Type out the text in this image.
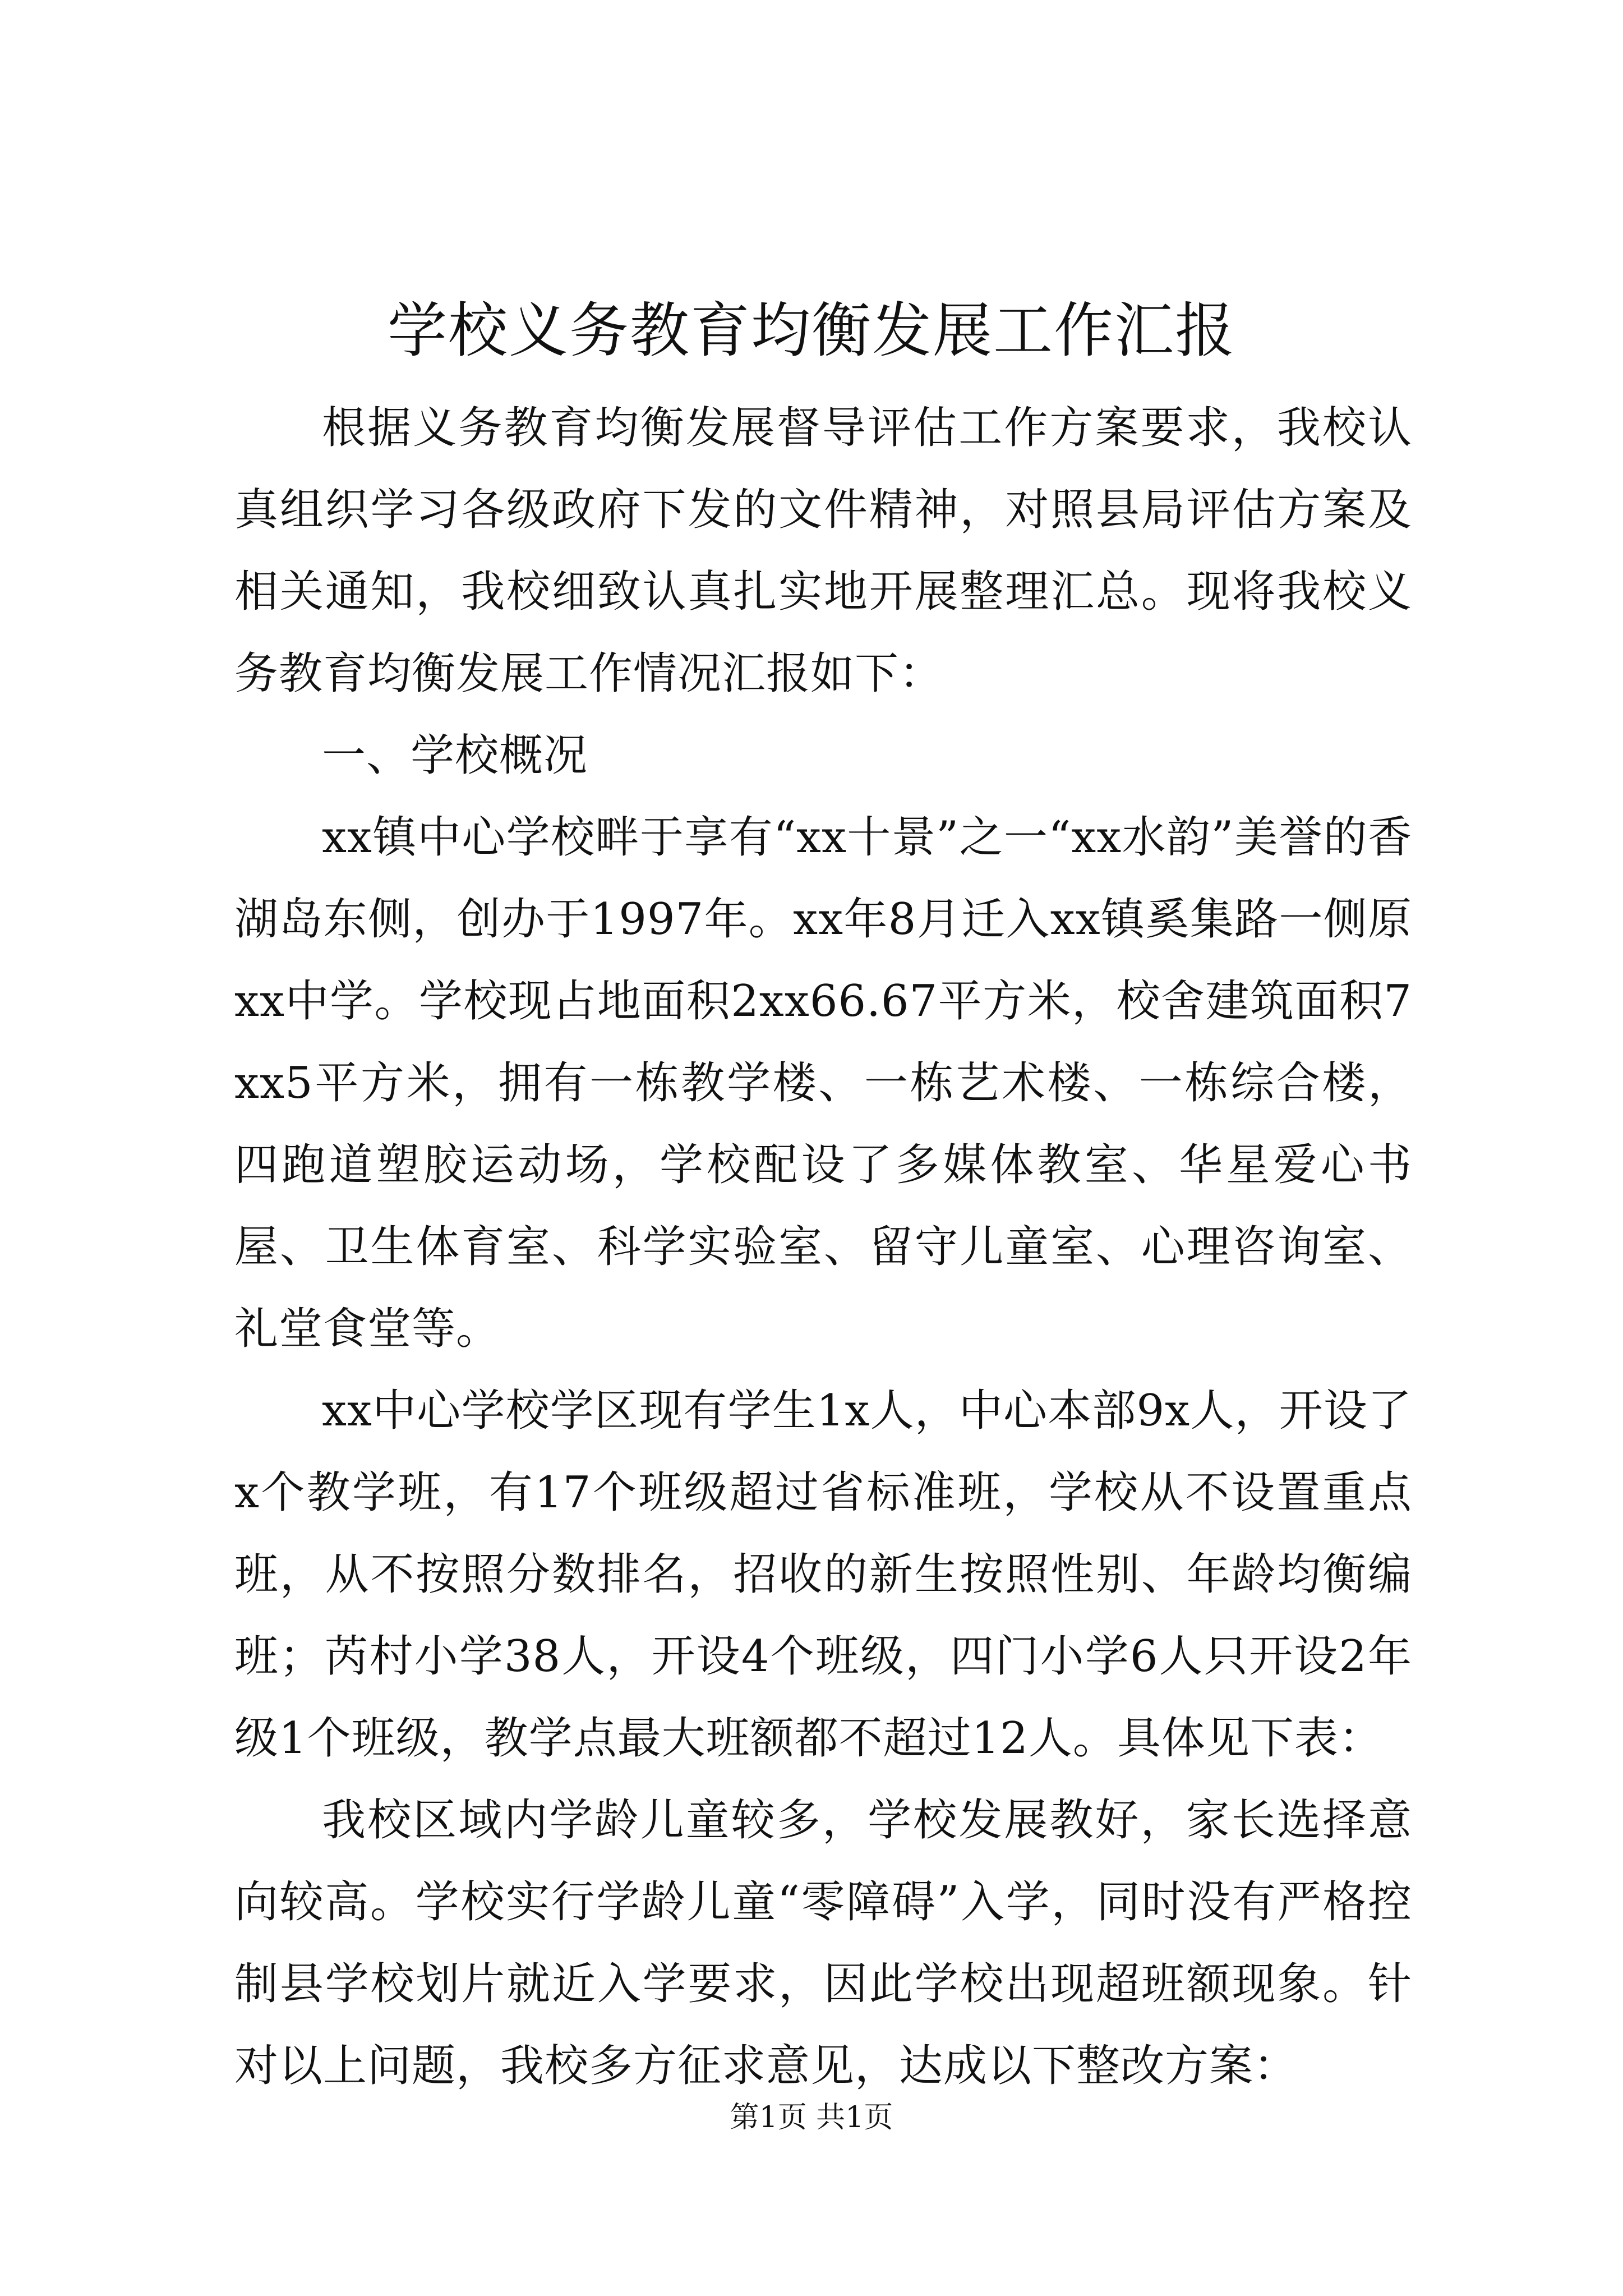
学校义务教育均衡发展工作汇报

根据义务教育均衡发展督导评估工作方案要求，我校认真组织学习各级政府下发的文件精神，对照县局评估方案及相关通知，我校细致认真扎实地开展整理汇总。现将我校义务教育均衡发展工作情况汇报如下：

一、学校概况

xx镇中心学校畔于享有“xx十景”之一“xx水韵”美誉的香湖岛东侧，创办于1997年。xx年8月迁入xx镇奚集路一侧原xx中学。学校现占地面积2xx66.67平方米，校舍建筑面积7xx5平方米，拥有一栋教学楼、一栋艺术楼、一栋综合楼，四跑道塑胶运动场，学校配设了多媒体教室、华星爱心书屋、卫生体育室、科学实验室、留守儿童室、心理咨询室、礼堂食堂等。

xx中心学校学区现有学生1x人，中心本部9x人，开设了x个教学班，有17个班级超过省标准班，学校从不设置重点班，从不按照分数排名，招收的新生按照性别、年龄均衡编班；芮村小学38人，开设4个班级，四门小学6人只开设2年级1个班级，教学点最大班额都不超过12人。具体见下表：

我校区域内学龄儿童较多，学校发展教好，家长选择意向较高。学校实行学龄儿童“零障碍”入学，同时没有严格控制县学校划片就近入学要求，因此学校出现超班额现象。针对以上问题，我校多方征求意见，达成以下整改方案：

第1页 共1页
